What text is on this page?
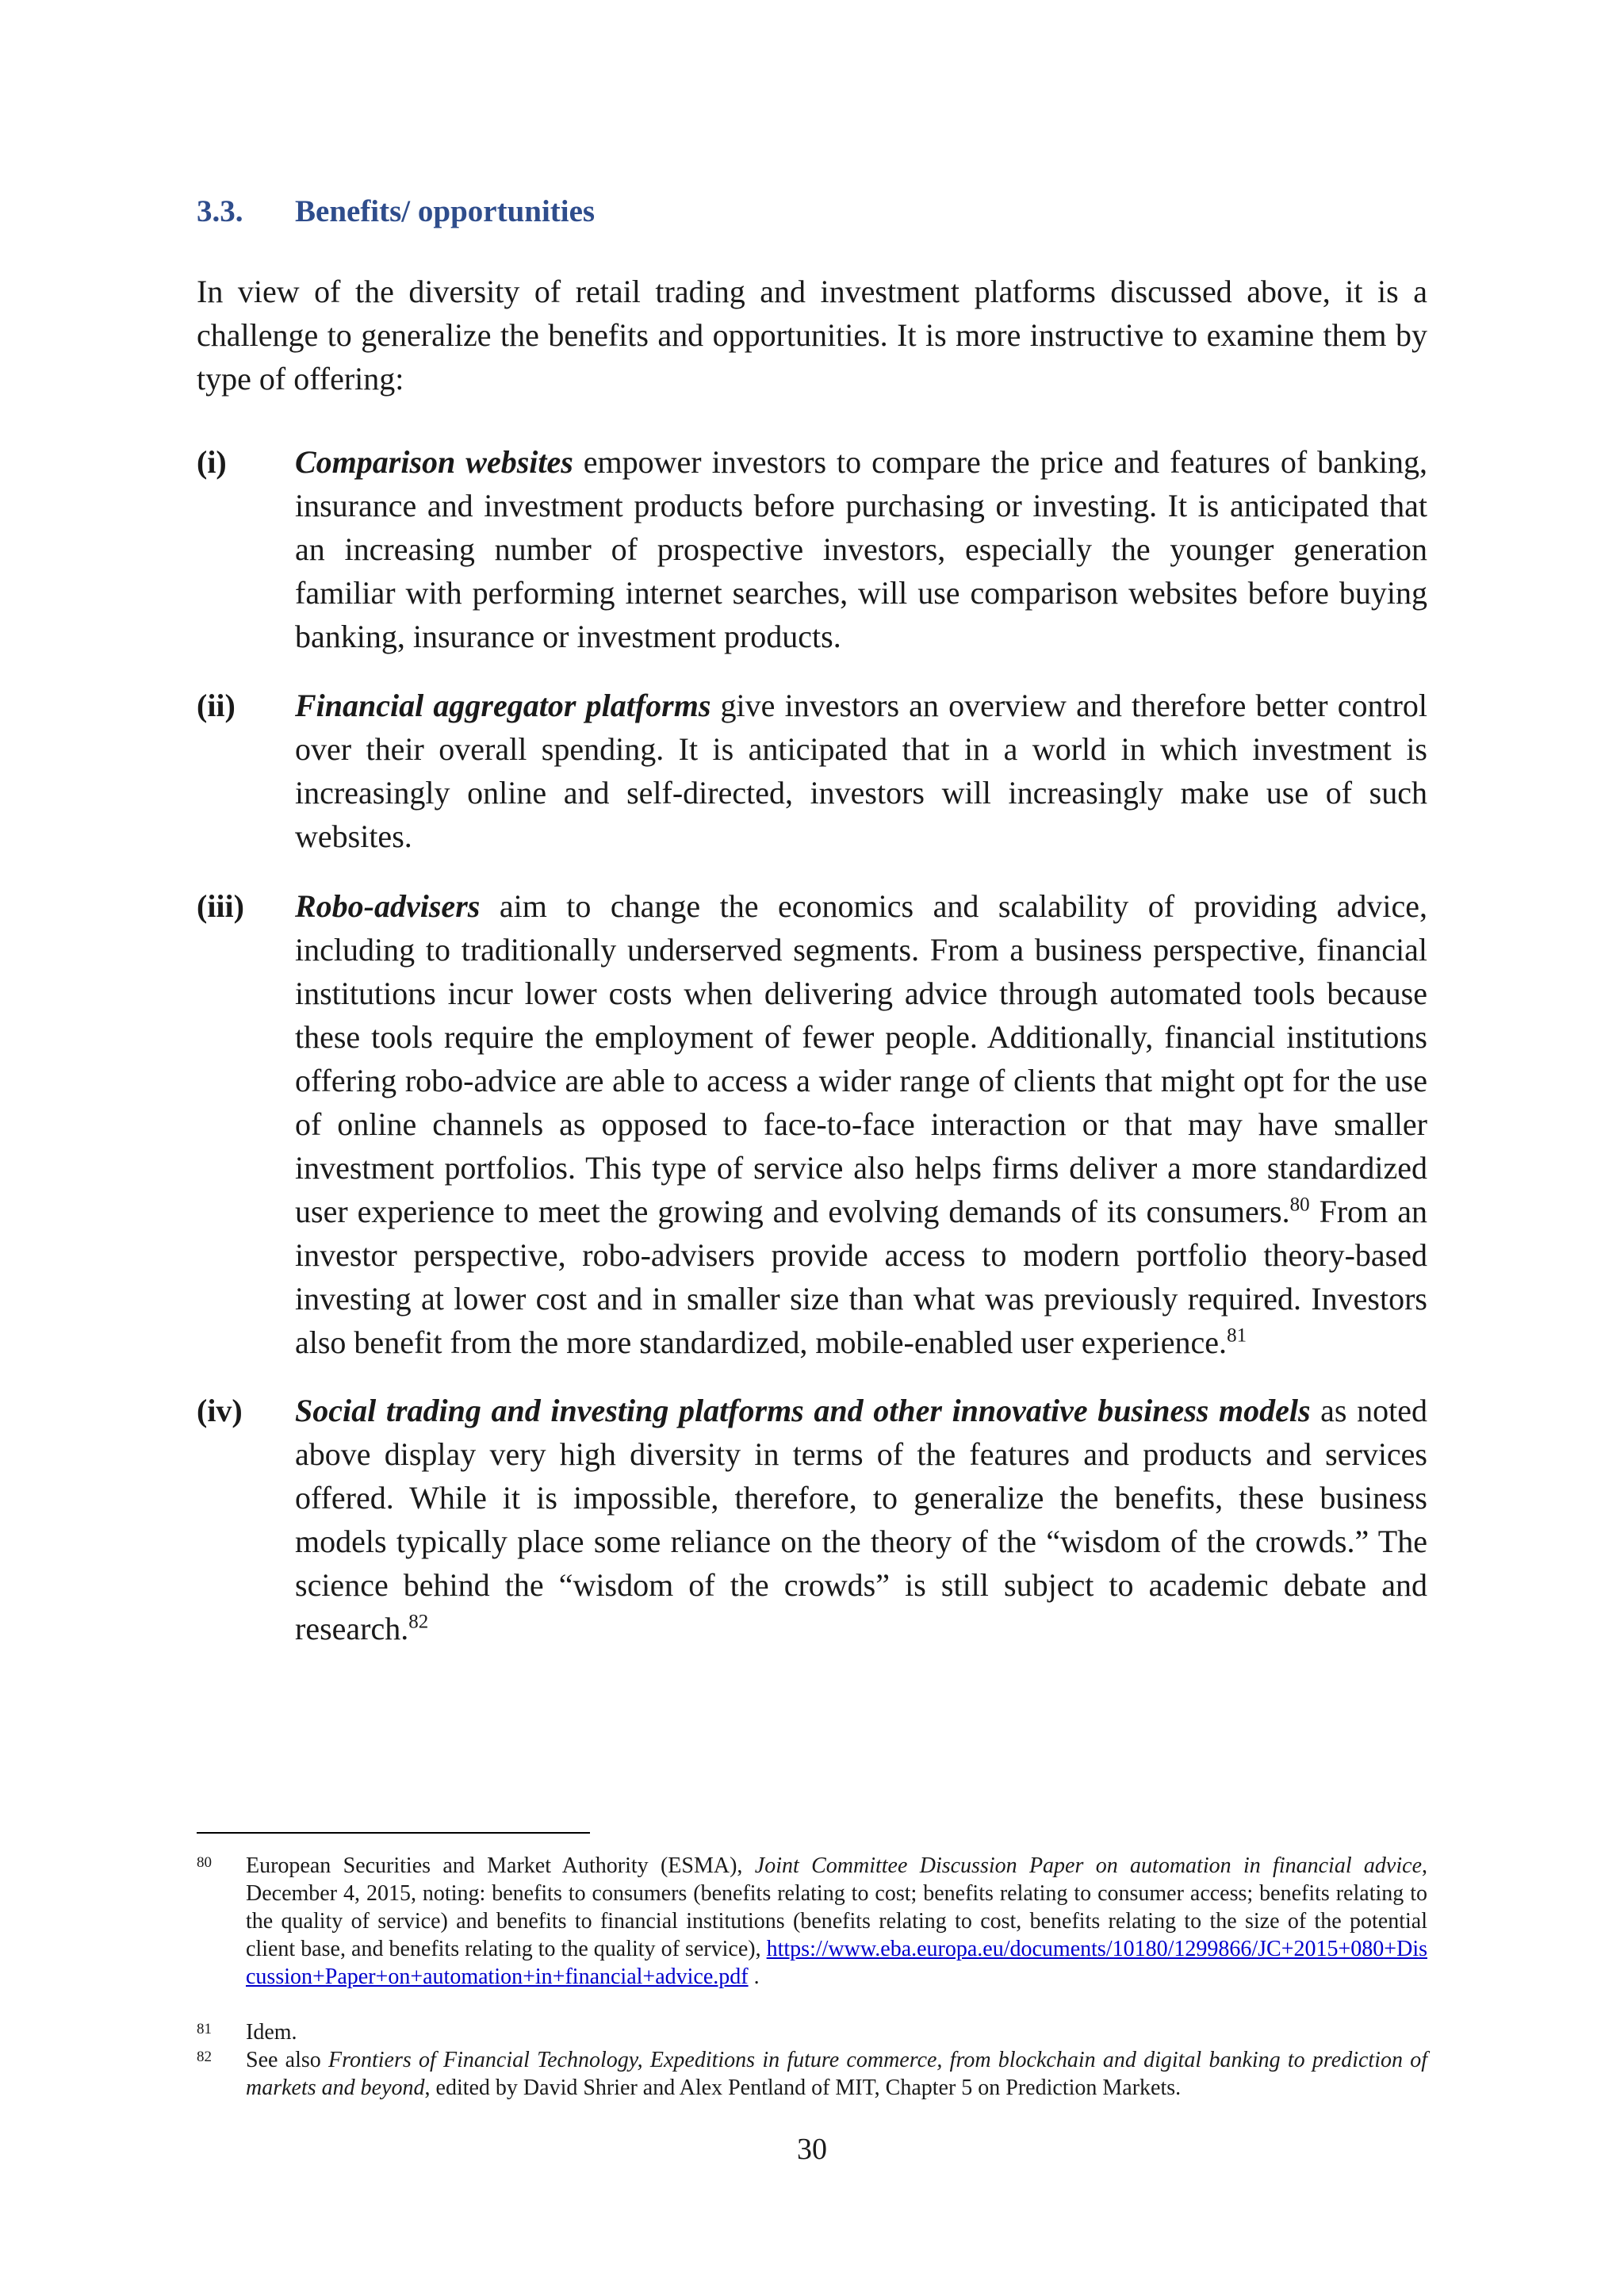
3.3. Benefits/ opportunities

In view of the diversity of retail trading and investment platforms discussed above, it is a challenge to generalize the benefits and opportunities. It is more instructive to examine them by type of offering:

(i) Comparison websites empower investors to compare the price and features of banking, insurance and investment products before purchasing or investing. It is anticipated that an increasing number of prospective investors, especially the younger generation familiar with performing internet searches, will use comparison websites before buying banking, insurance or investment products.
(ii) Financial aggregator platforms give investors an overview and therefore better control over their overall spending. It is anticipated that in a world in which investment is increasingly online and self-directed, investors will increasingly make use of such websites.
(iii) Robo-advisers aim to change the economics and scalability of providing advice, including to traditionally underserved segments. From a business perspective, financial institutions incur lower costs when delivering advice through automated tools because these tools require the employment of fewer people. Additionally, financial institutions offering robo-advice are able to access a wider range of clients that might opt for the use of online channels as opposed to face-to-face interaction or that may have smaller investment portfolios. This type of service also helps firms deliver a more standardized user experience to meet the growing and evolving demands of its consumers.$^{80}$ From an investor perspective, robo-advisers provide access to modern portfolio theory-based investing at lower cost and in smaller size than what was previously required. Investors also benefit from the more standardized, mobile-enabled user experience.$^{81}$
(iv) Social trading and investing platforms and other innovative business models as noted above display very high diversity in terms of the features and products and services offered. While it is impossible, therefore, to generalize the benefits, these business models typically place some reliance on the theory of the “wisdom of the crowds.” The science behind the “wisdom of the crowds” is still subject to academic debate and research.$^{82}$
80 European Securities and Market Authority (ESMA), Joint Committee Discussion Paper on automation in financial advice, December 4, 2015, noting: benefits to consumers (benefits relating to cost; benefits relating to consumer access; benefits relating to the quality of service) and benefits to financial institutions (benefits relating to cost, benefits relating to the size of the potential client base, and benefits relating to the quality of service), https://www.eba.europa.eu/documents/10180/1299866/JC+2015+080+Discussion+Paper+on+automation+in+financial+advice.pdf .
81 Idem.
82 See also Frontiers of Financial Technology, Expeditions in future commerce, from blockchain and digital banking to prediction of markets and beyond, edited by David Shrier and Alex Pentland of MIT, Chapter 5 on Prediction Markets.
30
